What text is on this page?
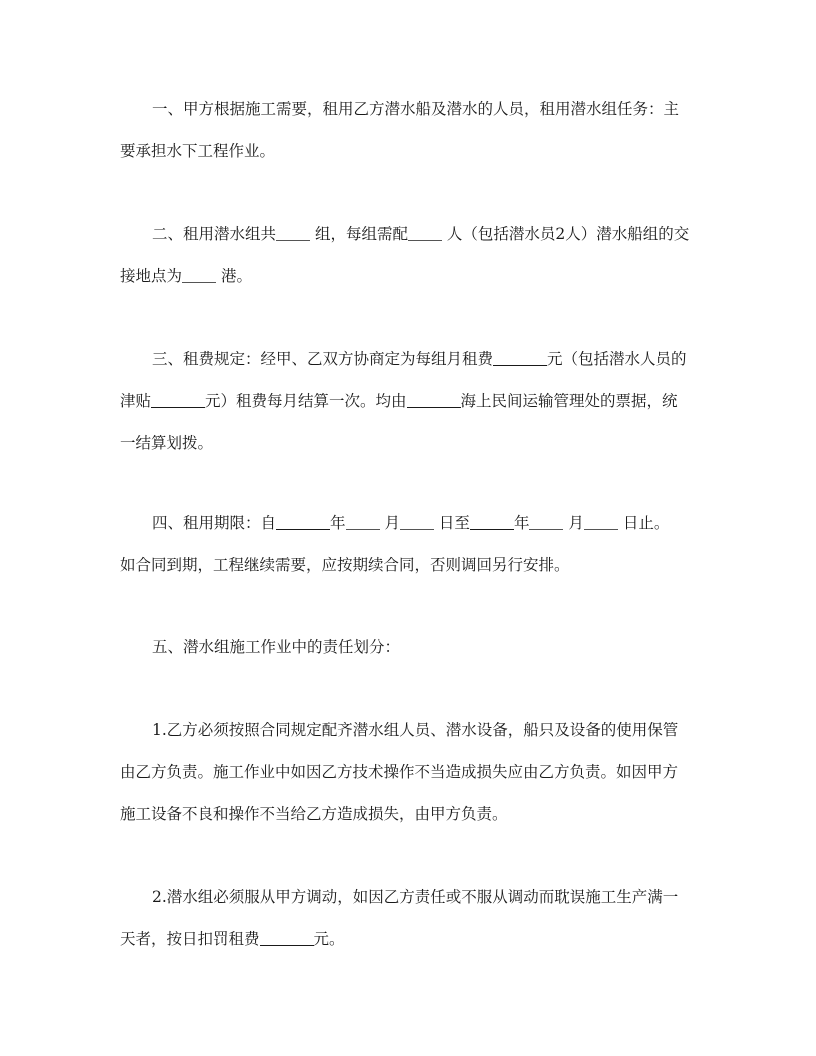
一、甲方根据施工需要，租用乙方潜水船及潜水的人员，租用潜水组任务：主
要承担水下工程作业。
二、租用潜水组共	组，每组需配	人（包括潜水员2人）潜水船组的交
接地点为	港。
三、租费规定：经甲、乙双方协商定为每组月租费	元（包括潜水人员的
津贴	元）租费每月结算一次。均由	海上民间运输管理处的票据，统
一结算划拨。
四、租用期限：自	年	月	日至	年	月	日止。
如合同到期，工程继续需要，应按期续合同，否则调回另行安排。
五、潜水组施工作业中的责任划分：
1.乙方必须按照合同规定配齐潜水组人员、潜水设备，船只及设备的使用保管
由乙方负责。施工作业中如因乙方技术操作不当造成损失应由乙方负责。如因甲方
施工设备不良和操作不当给乙方造成损失，由甲方负责。
2.潜水组必须服从甲方调动，如因乙方责任或不服从调动而耽误施工生产满一
天者，按日扣罚租费	元。
